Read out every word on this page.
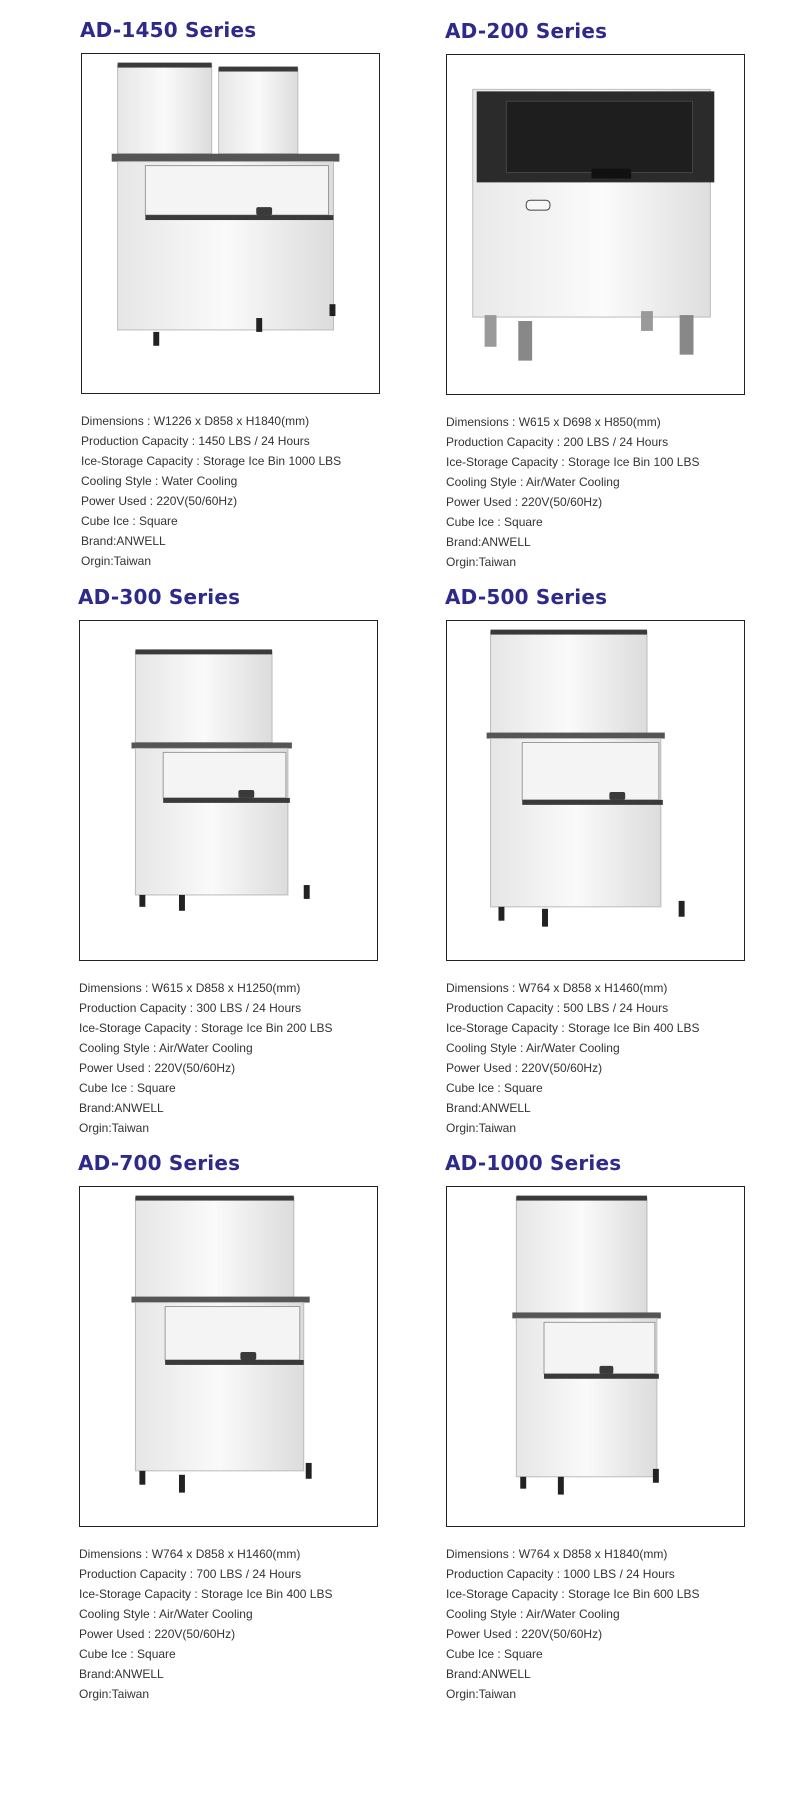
AD-1450 Series
Dimensions : W1226 x D858 x H1840(mm)
Production Capacity : 1450 LBS / 24 Hours
Ice-Storage Capacity : Storage Ice Bin 1000 LBS
Cooling Style : Water Cooling
Power Used : 220V(50/60Hz)
Cube Ice : Square
Brand:ANWELL
Orgin:Taiwan
AD-200 Series
Dimensions : W615 x D698 x H850(mm)
Production Capacity : 200 LBS / 24 Hours
Ice-Storage Capacity : Storage Ice Bin 100 LBS
Cooling Style : Air/Water Cooling
Power Used : 220V(50/60Hz)
Cube Ice : Square
Brand:ANWELL
Orgin:Taiwan
AD-300 Series
Dimensions : W615 x D858 x H1250(mm)
Production Capacity : 300 LBS / 24 Hours
Ice-Storage Capacity : Storage Ice Bin 200 LBS
Cooling Style : Air/Water Cooling
Power Used : 220V(50/60Hz)
Cube Ice : Square
Brand:ANWELL
Orgin:Taiwan
AD-500 Series
Dimensions : W764 x D858 x H1460(mm)
Production Capacity : 500 LBS / 24 Hours
Ice-Storage Capacity : Storage Ice Bin 400 LBS
Cooling Style : Air/Water Cooling
Power Used : 220V(50/60Hz)
Cube Ice : Square
Brand:ANWELL
Orgin:Taiwan
AD-700 Series
Dimensions : W764 x D858 x H1460(mm)
Production Capacity : 700 LBS / 24 Hours
Ice-Storage Capacity : Storage Ice Bin 400 LBS
Cooling Style : Air/Water Cooling
Power Used : 220V(50/60Hz)
Cube Ice : Square
Brand:ANWELL
Orgin:Taiwan
AD-1000 Series
Dimensions : W764 x D858 x H1840(mm)
Production Capacity : 1000 LBS / 24 Hours
Ice-Storage Capacity : Storage Ice Bin 600 LBS
Cooling Style : Air/Water Cooling
Power Used : 220V(50/60Hz)
Cube Ice : Square
Brand:ANWELL
Orgin:Taiwan
